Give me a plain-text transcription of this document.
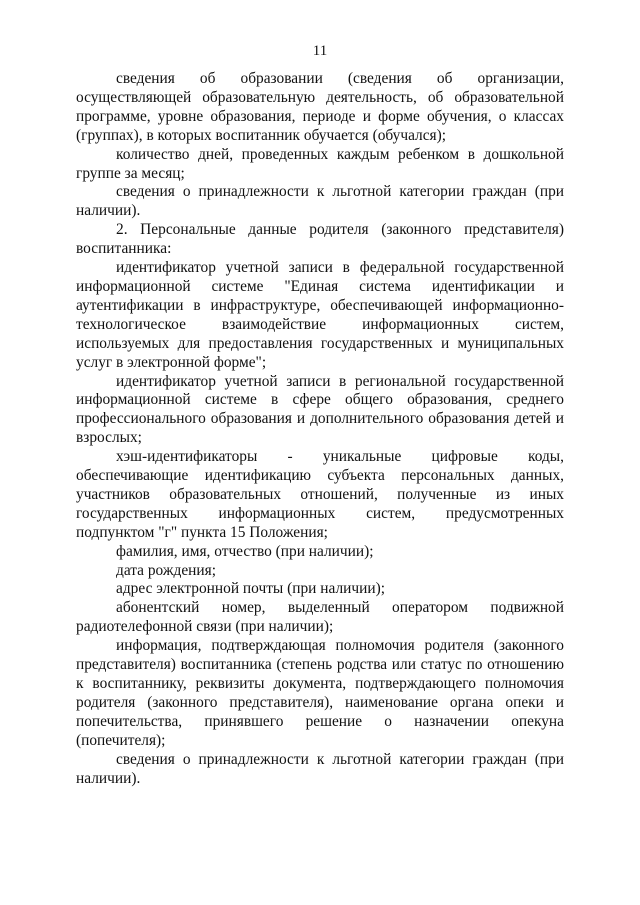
11

сведения об образовании (сведения об организации, осуществляющей образовательную деятельность, об образовательной программе, уровне образования, периоде и форме обучения, о классах (группах), в которых воспитанник обучается (обучался);

количество дней, проведенных каждым ребенком в дошкольной группе за месяц;

сведения о принадлежности к льготной категории граждан (при наличии).

2. Персональные данные родителя (законного представителя) воспитанника:

идентификатор учетной записи в федеральной государственной информационной системе "Единая система идентификации и аутентификации в инфраструктуре, обеспечивающей информационно-технологическое взаимодействие информационных систем, используемых для предоставления государственных и муниципальных услуг в электронной форме";

идентификатор учетной записи в региональной государственной информационной системе в сфере общего образования, среднего профессионального образования и дополнительного образования детей и взрослых;

хэш-идентификаторы - уникальные цифровые коды, обеспечивающие идентификацию субъекта персональных данных, участников образовательных отношений, полученные из иных государственных информационных систем, предусмотренных подпунктом "г" пункта 15 Положения;

фамилия, имя, отчество (при наличии);

дата рождения;

адрес электронной почты (при наличии);

абонентский номер, выделенный оператором подвижной радиотелефонной связи (при наличии);

информация, подтверждающая полномочия родителя (законного представителя) воспитанника (степень родства или статус по отношению к воспитаннику, реквизиты документа, подтверждающего полномочия родителя (законного представителя), наименование органа опеки и попечительства, принявшего решение о назначении опекуна (попечителя);

сведения о принадлежности к льготной категории граждан (при наличии).
